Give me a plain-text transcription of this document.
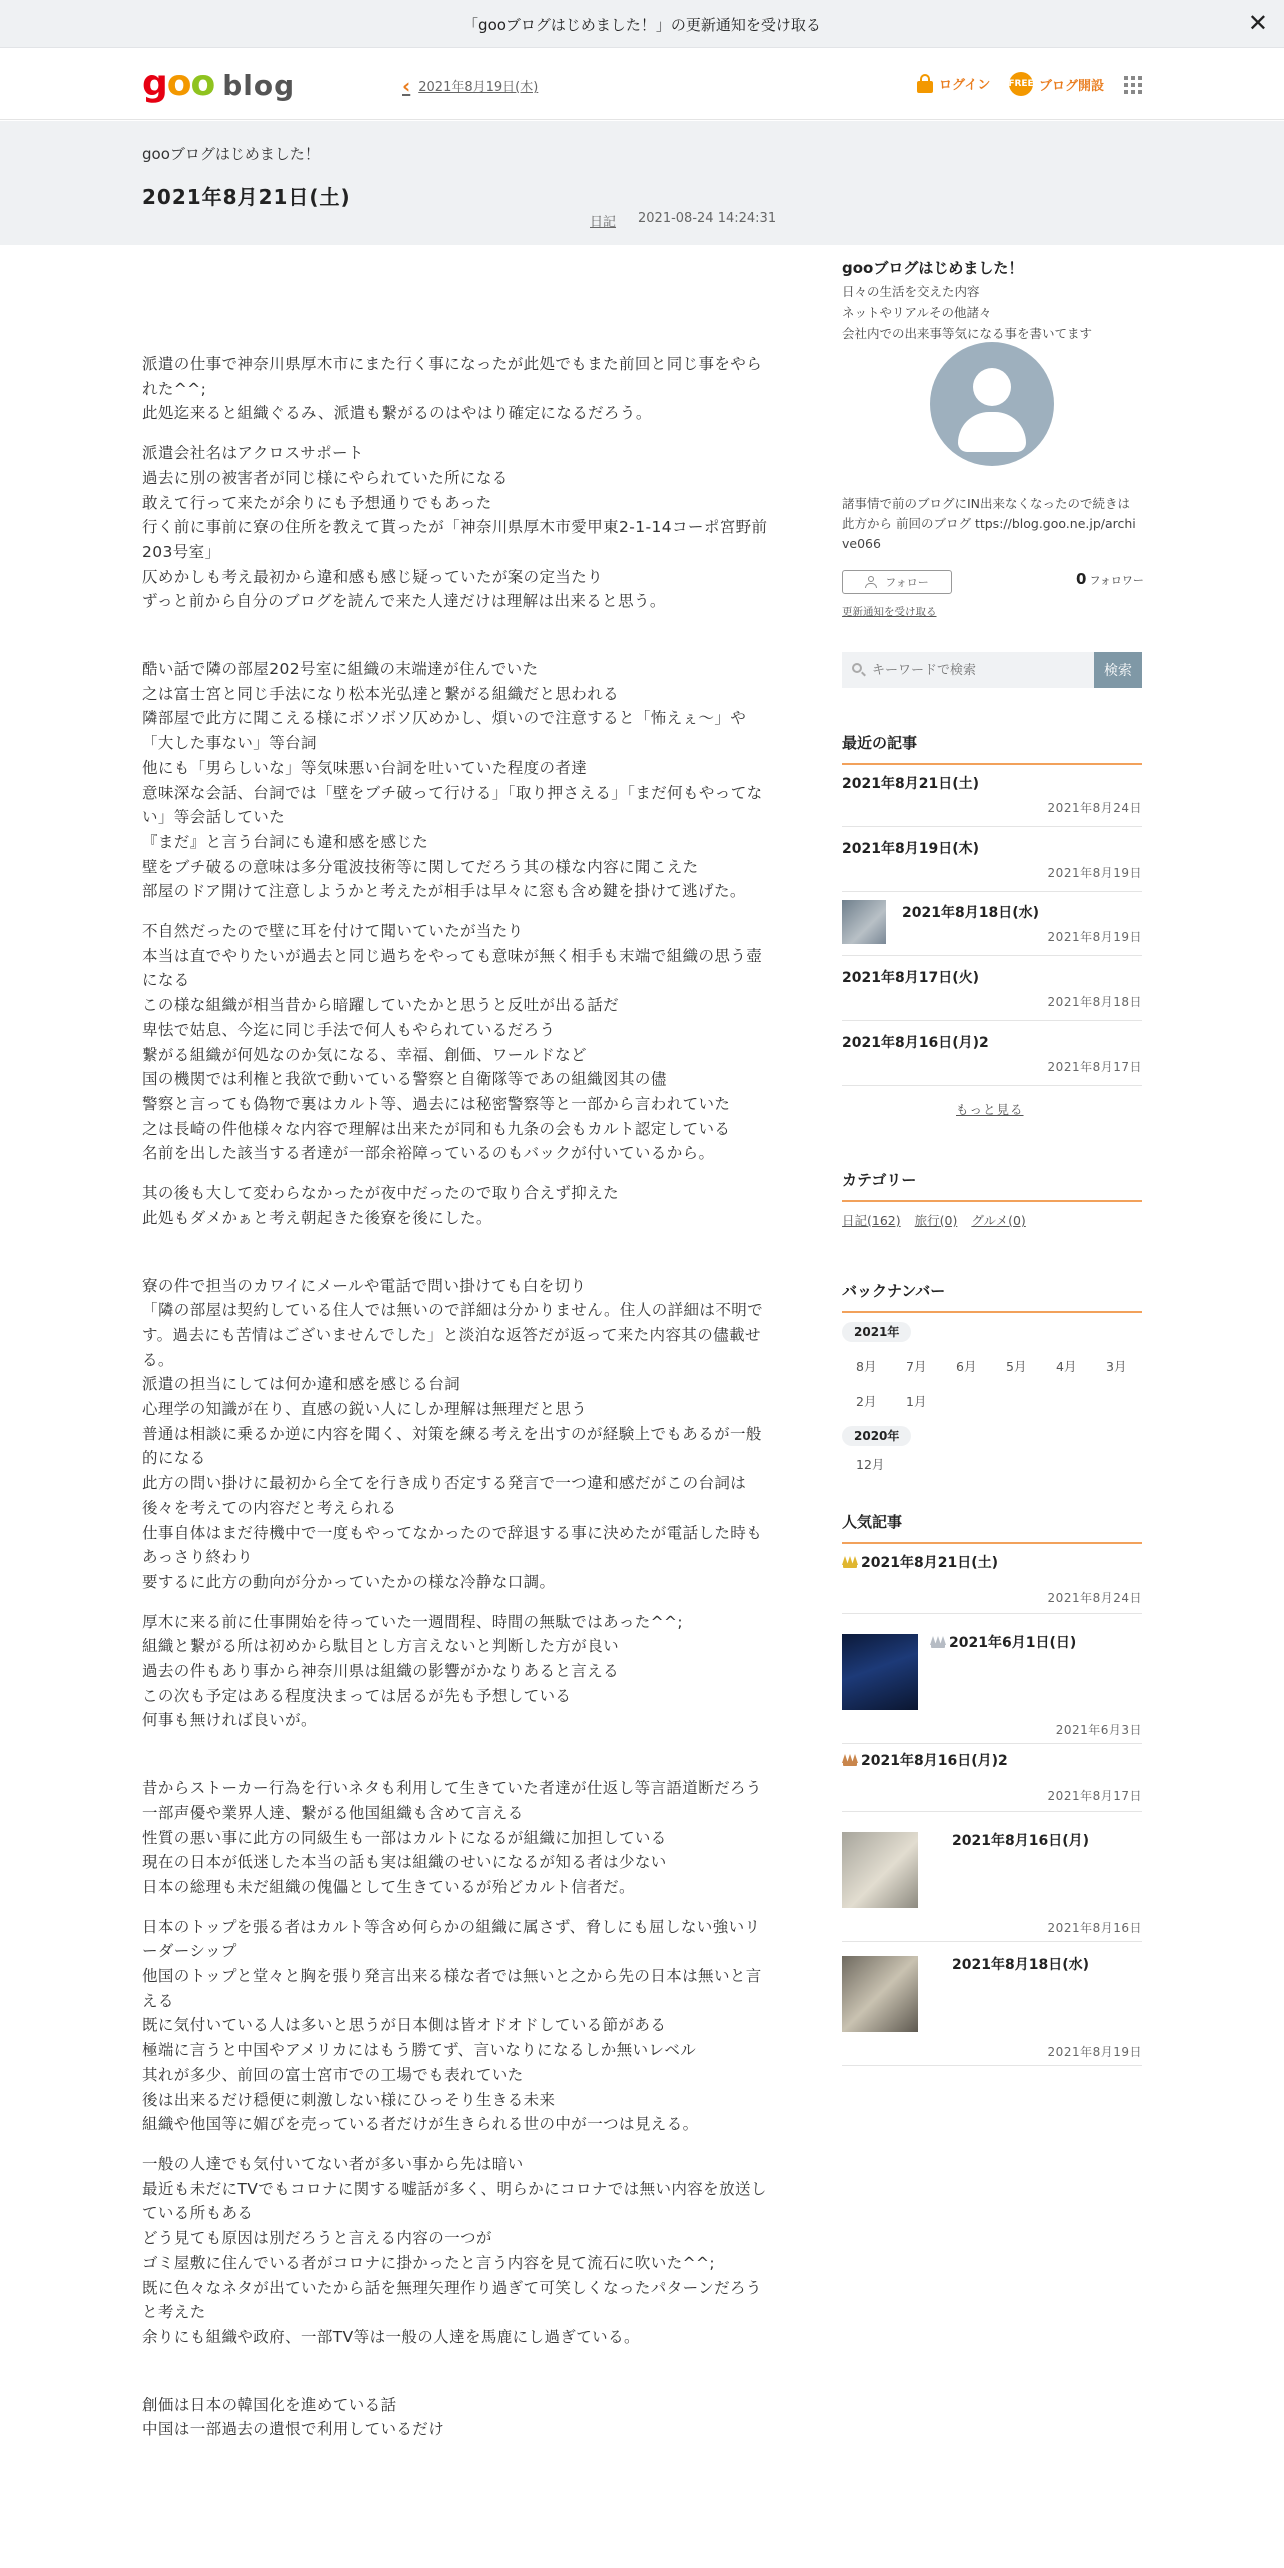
「gooブログはじめました！」の更新通知を受け取る	✕
goo blog	‹ 2021年8月19日(木)	ログイン FREE ブログ開設
gooブログはじめました！
2021年8月21日(土)
日記 2021-08-24 14:24:31

派遣の仕事で神奈川県厚木市にまた行く事になったが此処でもまた前回と同じ事をやられた^^;
此処迄来ると組織ぐるみ、派遣も繋がるのはやはり確定になるだろう。

派遣会社名はアクロスサポート
過去に別の被害者が同じ様にやられていた所になる
敢えて行って来たが余りにも予想通りでもあった
行く前に事前に寮の住所を教えて貰ったが「神奈川県厚木市愛甲東2-1-14コーポ宮野前203号室」
仄めかしも考え最初から違和感も感じ疑っていたが案の定当たり
ずっと前から自分のブログを読んで来た人達だけは理解は出来ると思う。

酷い話で隣の部屋202号室に組織の末端達が住んでいた
之は富士宮と同じ手法になり松本光弘達と繋がる組織だと思われる
隣部屋で此方に聞こえる様にボソボソ仄めかし、煩いので注意すると「怖えぇ～」や「大した事ない」等台詞
他にも「男らしいな」等気味悪い台詞を吐いていた程度の者達
意味深な会話、台詞では「壁をブチ破って行ける」「取り押さえる」「まだ何もやってない」等会話していた
『まだ』と言う台詞にも違和感を感じた
壁をブチ破るの意味は多分電波技術等に関してだろう其の様な内容に聞こえた
部屋のドア開けて注意しようかと考えたが相手は早々に窓も含め鍵を掛けて逃げた。

不自然だったので壁に耳を付けて聞いていたが当たり
本当は直でやりたいが過去と同じ過ちをやっても意味が無く相手も末端で組織の思う壺になる
この様な組織が相当昔から暗躍していたかと思うと反吐が出る話だ
卑怯で姑息、今迄に同じ手法で何人もやられているだろう
繋がる組織が何処なのか気になる、幸福、創価、ワールドなど
国の機関では利権と我欲で動いている警察と自衛隊等であの組織図其の儘
警察と言っても偽物で裏はカルト等、過去には秘密警察等と一部から言われていた
之は長崎の件他様々な内容で理解は出来たが同和も九条の会もカルト認定している
名前を出した該当する者達が一部余裕障っているのもバックが付いているから。

其の後も大して変わらなかったが夜中だったので取り合えず抑えた
此処もダメかぁと考え朝起きた後寮を後にした。

寮の件で担当のカワイにメールや電話で問い掛けても白を切り
「隣の部屋は契約している住人では無いので詳細は分かりません。住人の詳細は不明です。過去にも苦情はございませんでした」と淡泊な返答だが返って来た内容其の儘載せる。
派遣の担当にしては何か違和感を感じる台詞
心理学の知識が在り、直感の鋭い人にしか理解は無理だと思う
普通は相談に乗るか逆に内容を聞く、対策を練る考えを出すのが経験上でもあるが一般的になる
此方の問い掛けに最初から全てを行き成り否定する発言で一つ違和感だがこの台詞は後々を考えての内容だと考えられる
仕事自体はまだ待機中で一度もやってなかったので辞退する事に決めたが電話した時もあっさり終わり
要するに此方の動向が分かっていたかの様な冷静な口調。

厚木に来る前に仕事開始を待っていた一週間程、時間の無駄ではあった^^;
組織と繋がる所は初めから駄目とし方言えないと判断した方が良い
過去の件もあり事から神奈川県は組織の影響がかなりあると言える
この次も予定はある程度決まっては居るが先も予想している
何事も無ければ良いが。

昔からストーカー行為を行いネタも利用して生きていた者達が仕返し等言語道断だろう
一部声優や業界人達、繋がる他国組織も含めて言える
性質の悪い事に此方の同級生も一部はカルトになるが組織に加担している
現在の日本が低迷した本当の話も実は組織のせいになるが知る者は少ない
日本の総理も未だ組織の傀儡として生きているが殆どカルト信者だ。

日本のトップを張る者はカルト等含め何らかの組織に属さず、脅しにも屈しない強いリーダーシップ
他国のトップと堂々と胸を張り発言出来る様な者では無いと之から先の日本は無いと言える
既に気付いている人は多いと思うが日本側は皆オドオドしている節がある
極端に言うと中国やアメリカにはもう勝てず、言いなりになるしか無いレベル
其れが多少、前回の富士宮市での工場でも表れていた
後は出来るだけ穏便に刺激しない様にひっそり生きる未来
組織や他国等に媚びを売っている者だけが生きられる世の中が一つは見える。

一般の人達でも気付いてない者が多い事から先は暗い
最近も未だにTVでもコロナに関する嘘話が多く、明らかにコロナでは無い内容を放送している所もある
どう見ても原因は別だろうと言える内容の一つが
ゴミ屋敷に住んでいる者がコロナに掛かったと言う内容を見て流石に吹いた^^;
既に色々なネタが出ていたから話を無理矢理作り過ぎて可笑しくなったパターンだろうと考えた
余りにも組織や政府、一部TV等は一般の人達を馬鹿にし過ぎている。

創価は日本の韓国化を進めている話
中国は一部過去の遺恨で利用しているだけ

gooブログはじめました！
日々の生活を交えた内容
ネットやリアルその他諸々
会社内での出来事等気になる事を書いてます
諸事情で前のブログにIN出来なくなったので続きは此方から 前回のブログ ttps://blog.goo.ne.jp/archive066
フォロー	0 フォロワー
更新通知を受け取る
キーワードで検索
検索
最近の記事
2021年8月21日(土)
2021年8月24日
2021年8月19日(木)
2021年8月19日
2021年8月18日(水)
2021年8月19日
2021年8月17日(火)
2021年8月18日
2021年8月16日(月)2
2021年8月17日
もっと見る
カテゴリー
日記(162) 旅行(0) グルメ(0)
バックナンバー
2021年
8月 7月 6月 5月 4月 3月
2月 1月
2020年
12月
人気記事
2021年8月21日(土)
2021年8月24日
2021年6月1日(日)
2021年6月3日
2021年8月16日(月)2
2021年8月17日
2021年8月16日(月)
2021年8月16日
2021年8月18日(水)
2021年8月19日
